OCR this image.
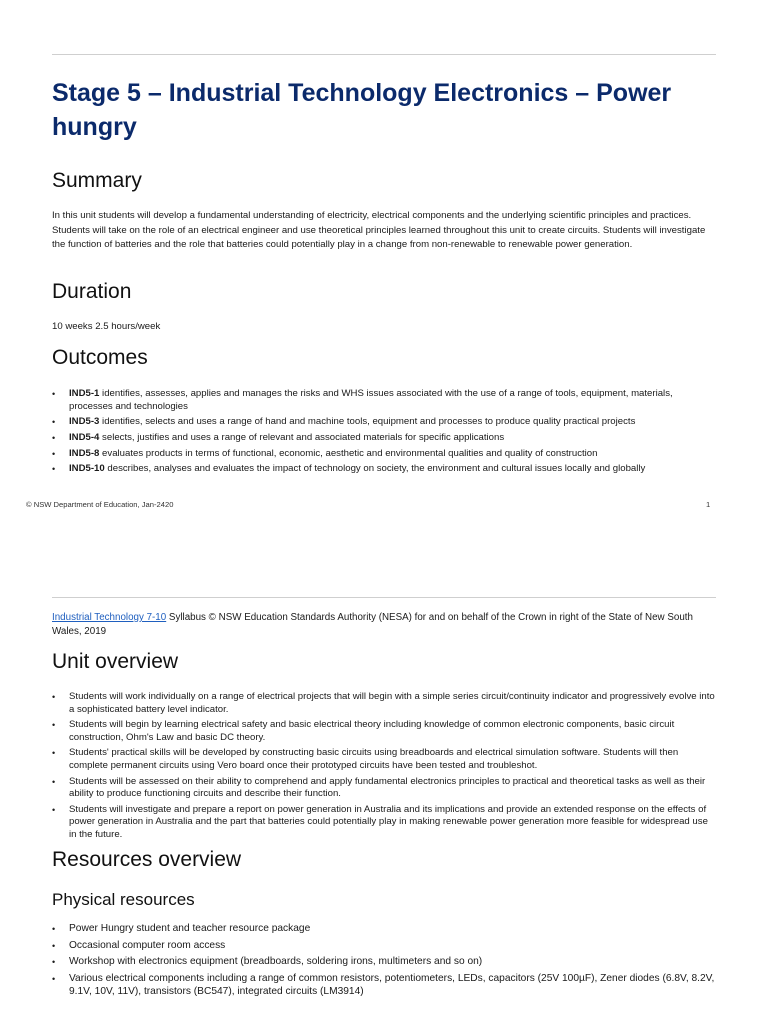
Stage 5 – Industrial Technology Electronics – Power hungry
Summary

In this unit students will develop a fundamental understanding of electricity, electrical components and the underlying scientific principles and practices. Students will take on the role of an electrical engineer and use theoretical principles learned throughout this unit to create circuits. Students will investigate the function of batteries and the role that batteries could potentially play in a change from non-renewable to renewable power generation.

Duration

10 weeks 2.5 hours/week

Outcomes
• IND5-1 identifies, assesses, applies and manages the risks and WHS issues associated with the use of a range of tools, equipment, materials, processes and technologies
• IND5-3 identifies, selects and uses a range of hand and machine tools, equipment and processes to produce quality practical projects
• IND5-4 selects, justifies and uses a range of relevant and associated materials for specific applications
• IND5-8 evaluates products in terms of functional, economic, aesthetic and environmental qualities and quality of construction
• IND5-10 describes, analyses and evaluates the impact of technology on society, the environment and cultural issues locally and globally
© NSW Department of Education, Jan-2420	1

Industrial Technology 7-10 Syllabus © NSW Education Standards Authority (NESA) for and on behalf of the Crown in right of the State of New South Wales, 2019

Unit overview
• Students will work individually on a range of electrical projects that will begin with a simple series circuit/continuity indicator and progressively evolve into a sophisticated battery level indicator.
• Students will begin by learning electrical safety and basic electrical theory including knowledge of common electronic components, basic circuit construction, Ohm's Law and basic DC theory.
• Students' practical skills will be developed by constructing basic circuits using breadboards and electrical simulation software. Students will then complete permanent circuits using Vero board once their prototyped circuits have been tested and troubleshot.
• Students will be assessed on their ability to comprehend and apply fundamental electronics principles to practical and theoretical tasks as well as their ability to produce functioning circuits and describe their function.
• Students will investigate and prepare a report on power generation in Australia and its implications and provide an extended response on the effects of power generation in Australia and the part that batteries could potentially play in making renewable power generation more feasible for widespread use in the future.
Resources overview
Physical resources
• Power Hungry student and teacher resource package
• Occasional computer room access
• Workshop with electronics equipment (breadboards, soldering irons, multimeters and so on)
• Various electrical components including a range of common resistors, potentiometers, LEDs, capacitors (25V 100µF), Zener diodes (6.8V, 8.2V, 9.1V, 10V, 11V), transistors (BC547), integrated circuits (LM3914)
